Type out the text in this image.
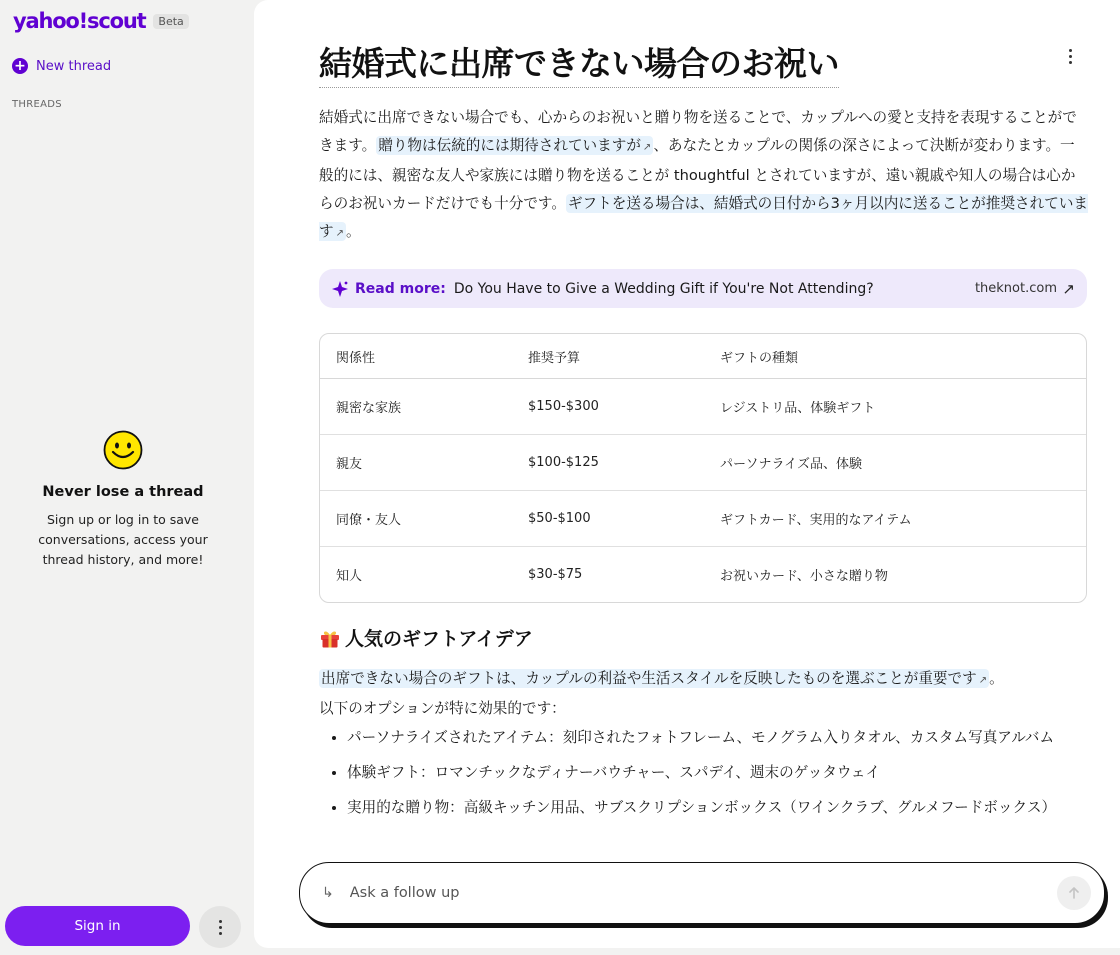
yahoo!scout	Beta
+ New thread
THREADS
Never lose a thread
Sign up or log in to save conversations, access your thread history, and more!
Sign in
結婚式に出席できない場合のお祝い

結婚式に出席できない場合でも、心からのお祝いと贈り物を送ることで、カップルへの愛と支持を表現することができます。 贈り物は伝統的には期待されていますが ↗ 、あなたとカップルの関係の深さによって決断が変わります。一般的には、親密な友人や家族には贈り物を送ることが thoughtful とされていますが、遠い親戚や知人の場合は心からのお祝いカードだけでも十分です。 ギフトを送る場合は、結婚式の日付から3ヶ月以内に送ることが推奨されています ↗ 。

Read more: Do You Have to Give a Wedding Gift if You're Not Attending?	theknot.com ↗
関係性	推奨予算	ギフトの種類
親密な家族	$150-$300	レジストリ品、体験ギフト
親友	$100-$125	パーソナライズ品、体験
同僚・友人	$50-$100	ギフトカード、実用的なアイテム
知人	$30-$75	お祝いカード、小さな贈り物
人気のギフトアイデア

出席できない場合のギフトは、カップルの利益や生活スタイルを反映したものを選ぶことが重要です ↗ 。
以下のオプションが特に効果的です：

• パーソナライズされたアイテム：刻印されたフォトフレーム、モノグラム入りタオル、カスタム写真アルバム
• 体験ギフト：ロマンチックなディナーバウチャー、スパデイ、週末のゲッタウェイ
• 実用的な贈り物：高級キッチン用品、サブスクリプションボックス（ワインクラブ、グルメフードボックス）
↳
Ask a follow up
